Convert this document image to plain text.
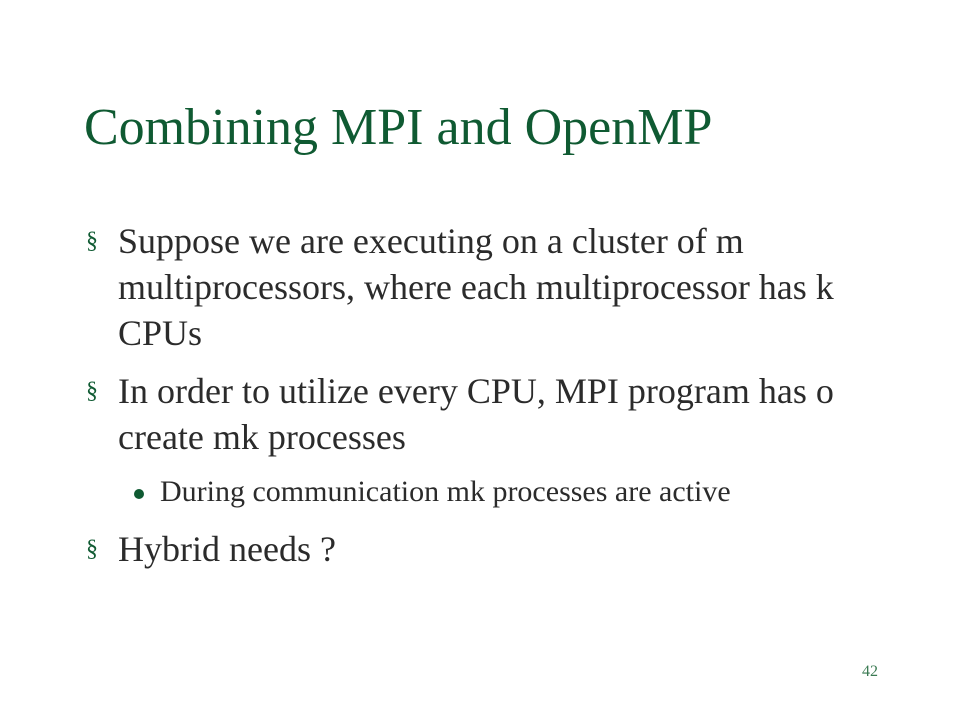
Combining MPI and OpenMP
§ Suppose we are executing on a cluster of m multiprocessors, where each multiprocessor has k CPUs
§ In order to utilize every CPU, MPI program has o create mk processes
During communication mk processes are active
§ Hybrid needs ?
42
